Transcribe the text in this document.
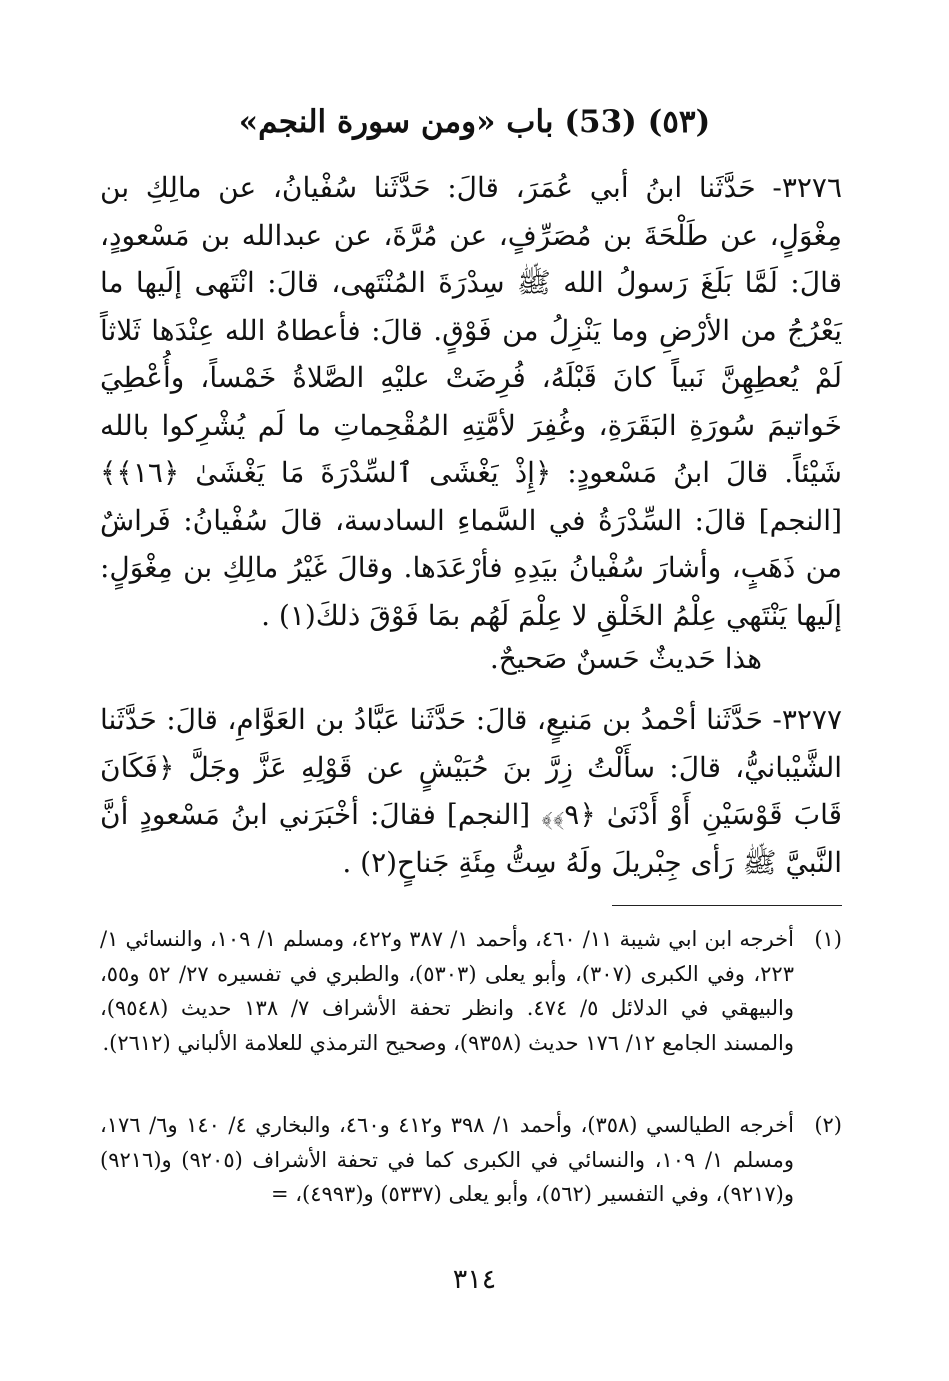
(٥٣) (53) باب «ومن سورة النجم»

٣٢٧٦- حَدَّثَنا ابنُ أبي عُمَرَ، قالَ: حَدَّثَنا سُفْيانُ، عن مالِكِ بن مِغْوَلٍ، عن طَلْحَةَ بن مُصَرِّفٍ، عن مُرَّةَ، عن عبدالله بن مَسْعودٍ، قالَ: لَمَّا بَلَغَ رَسولُ الله ﷺ سِدْرَةَ المُنْتَهى، قالَ: انْتَهى إلَيها ما يَعْرُجُ من الأرْضِ وما يَنْزِلُ من فَوْقٍ. قالَ: فأعطاهُ الله عِنْدَها ثَلاثاً لَمْ يُعطِهِنَّ نَبياً كانَ قَبْلَهُ، فُرِضَتْ عليْهِ الصَّلاةُ خَمْساً، وأُعْطِيَ خَواتيمَ سُورَةِ البَقَرَةِ، وغُفِرَ لأمَّتِهِ المُقْحِماتِ ما لَم يُشْرِكوا بالله شَيْئاً. قالَ ابنُ مَسْعودٍ: ﴿إِذْ يَغْشَى ٱلسِّدْرَةَ مَا يَغْشَىٰ ﴿١٦﴾﴾ [النجم] قالَ: السِّدْرَةُ في السَّماءِ السادسة، قالَ سُفْيانُ: فَراشٌ من ذَهَبٍ، وأشارَ سُفْيانُ بيَدِهِ فأرْعَدَها. وقالَ غَيْرُ مالِكِ بن مِغْوَلٍ: إلَيها يَنْتَهي عِلْمُ الخَلْقِ لا عِلْمَ لَهُم بمَا فَوْقَ ذلكَ(١) .

هذا حَديثٌ حَسنٌ صَحيحٌ.

٣٢٧٧- حَدَّثَنا أحْمدُ بن مَنيعٍ، قالَ: حَدَّثَنا عَبَّادُ بن العَوَّامِ، قالَ: حَدَّثَنا الشَّيْبانيُّ، قالَ: سأَلْتُ زِرَّ بنَ حُبَيْشٍ عن قَوْلِهِ عَزَّ وجَلَّ ﴿فَكَانَ قَابَ قَوْسَيْنِ أَوْ أَدْنَىٰ ﴿٩﴾﴾ [النجم] فقالَ: أخْبَرَني ابنُ مَسْعودٍ أنَّ النَّبيَّ ﷺ رَأى جِبْريلَ ولَهُ سِتُّ مِئَةِ جَناحٍ(٢) .

(١)
أخرجه ابن ابي شيبة ١١/ ٤٦٠، وأحمد ١/ ٣٨٧ و٤٢٢، ومسلم ١/ ١٠٩، والنسائي ١/ ٢٢٣، وفي الكبرى (٣٠٧)، وأبو يعلى (٥٣٠٣)، والطبري في تفسيره ٢٧/ ٥٢ و٥٥، والبيهقي في الدلائل ٥/ ٤٧٤. وانظر تحفة الأشراف ٧/ ١٣٨ حديث (٩٥٤٨)، والمسند الجامع ١٢/ ١٧٦ حديث (٩٣٥٨)، وصحيح الترمذي للعلامة الألباني (٢٦١٢).
(٢)
أخرجه الطيالسي (٣٥٨)، وأحمد ١/ ٣٩٨ و٤١٢ و٤٦٠، والبخاري ٤/ ١٤٠ و٦/ ١٧٦، ومسلم ١/ ١٠٩، والنسائي في الكبرى كما في تحفة الأشراف (٩٢٠٥) و(٩٢١٦) و(٩٢١٧)، وفي التفسير (٥٦٢)، وأبو يعلى (٥٣٣٧) و(٤٩٩٣)، =
٣١٤
